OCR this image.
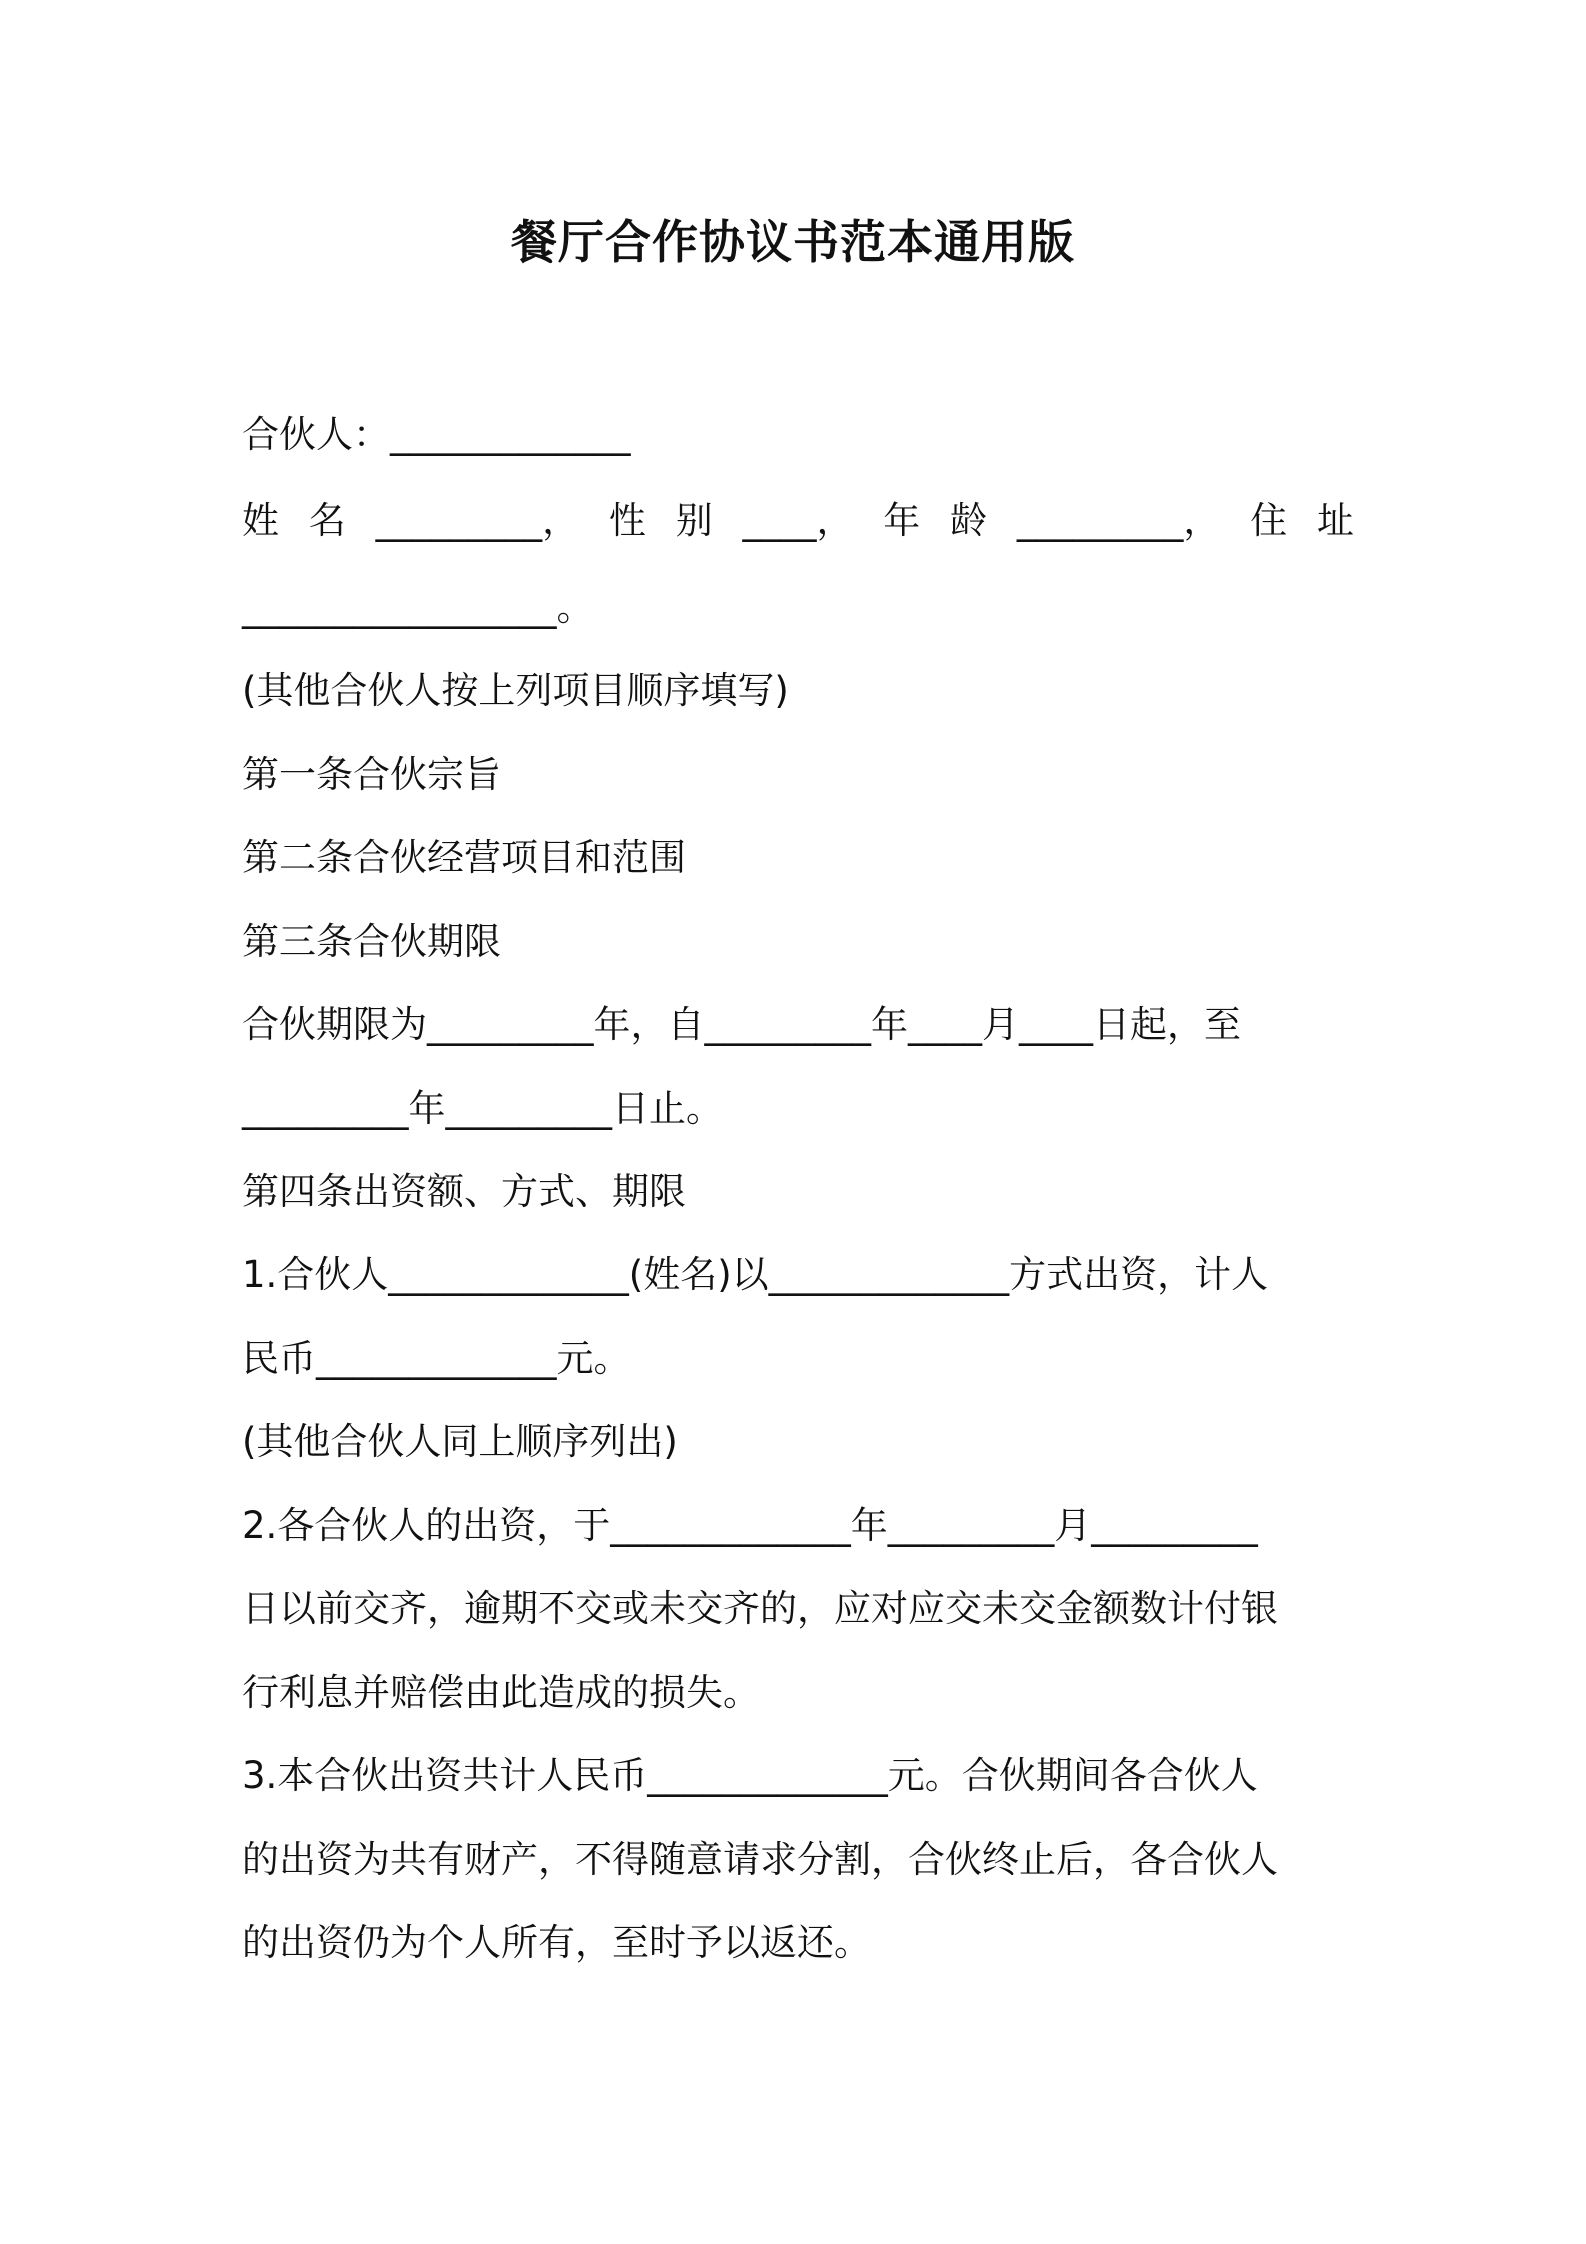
餐厅合作协议书范本通用版
合伙人：_____________
姓 名 _________， 性 别 ____， 年 龄 _________， 住 址
_________________。
(其他合伙人按上列项目顺序填写)
第一条合伙宗旨
第二条合伙经营项目和范围
第三条合伙期限
合伙期限为_________年，自_________年____月____日起，至
_________年_________日止。
第四条出资额、方式、期限
1.合伙人_____________(姓名)以_____________方式出资，计人
民币_____________元。
(其他合伙人同上顺序列出)
2.各合伙人的出资，于_____________年_________月_________
日以前交齐，逾期不交或未交齐的，应对应交未交金额数计付银
行利息并赔偿由此造成的损失。
3.本合伙出资共计人民币_____________元。合伙期间各合伙人
的出资为共有财产，不得随意请求分割，合伙终止后，各合伙人
的出资仍为个人所有，至时予以返还。
